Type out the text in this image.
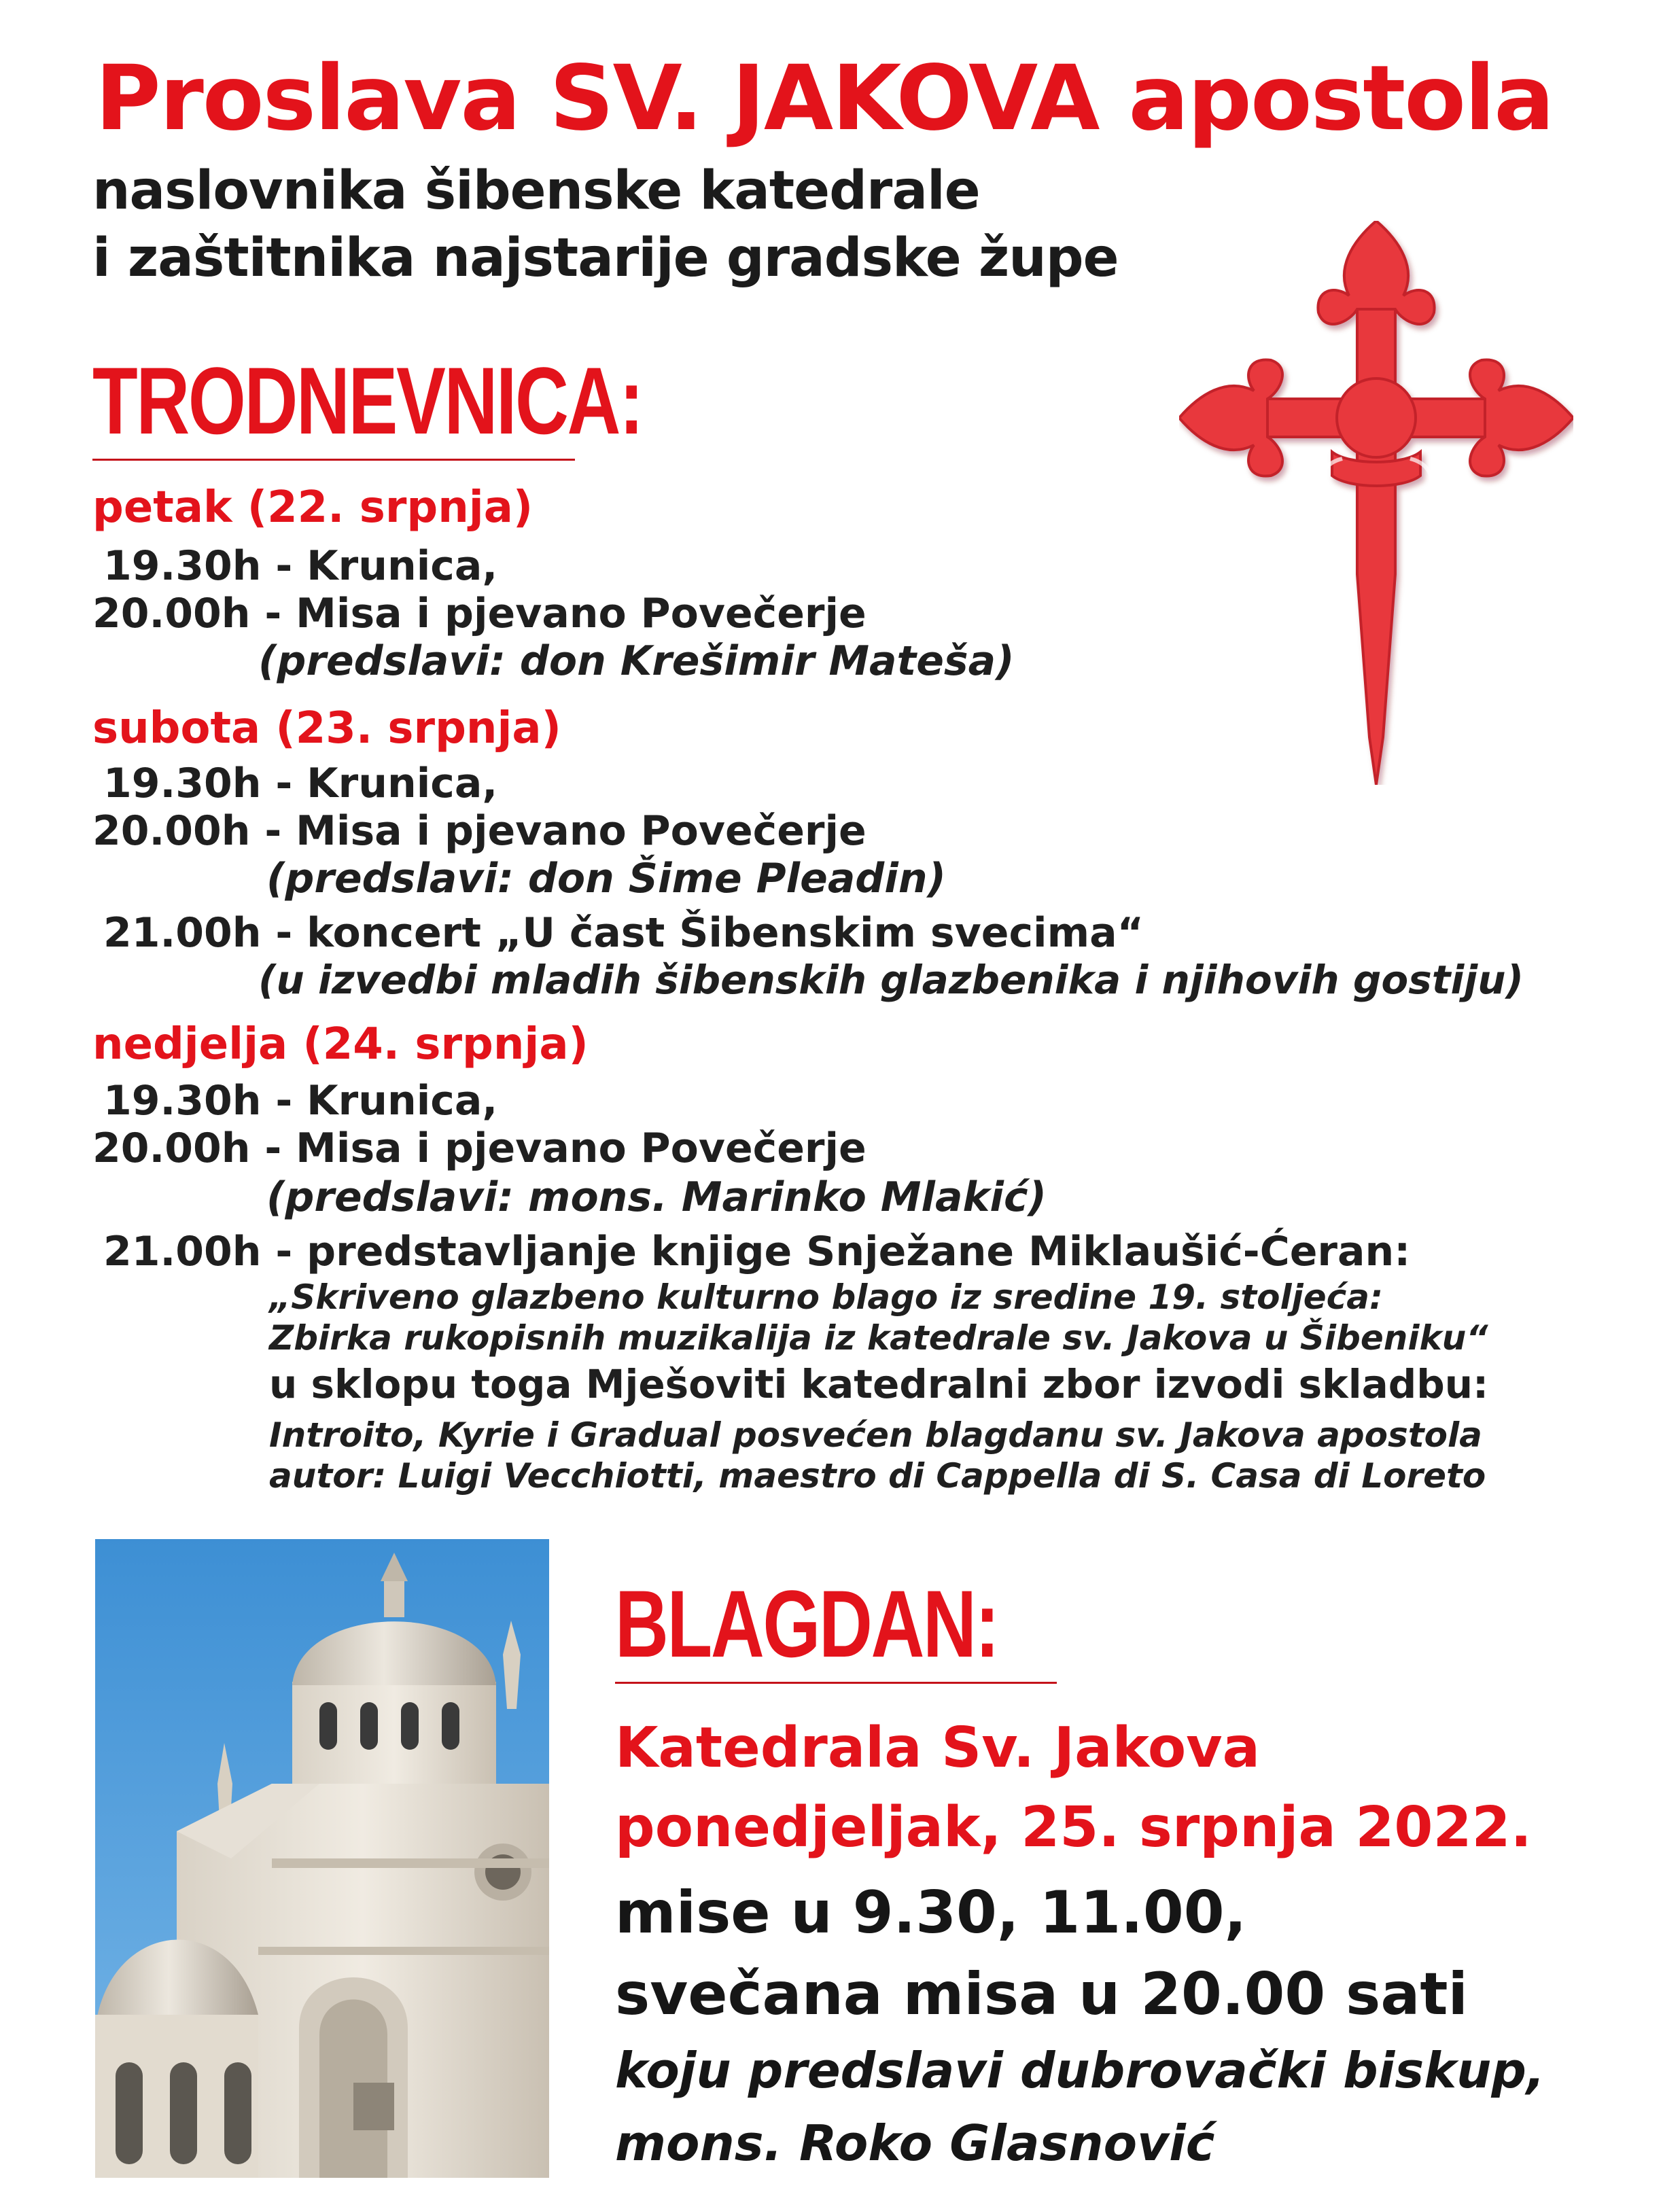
Proslava SV. JAKOVA apostola
naslovnika šibenske katedrale
i zaštitnika najstarije gradske župe
TRODNEVNICA:
petak (22. srpnja)
19.30h - Krunica,
20.00h - Misa i pjevano Povečerje
(predslavi: don Krešimir Mateša)
subota (23. srpnja)
19.30h - Krunica,
20.00h - Misa i pjevano Povečerje
(predslavi: don Šime Pleadin)
21.00h - koncert „U čast Šibenskim svecima“
(u izvedbi mladih šibenskih glazbenika i njihovih gostiju)
nedjelja (24. srpnja)
19.30h - Krunica,
20.00h - Misa i pjevano Povečerje
(predslavi: mons. Marinko Mlakić)
21.00h - predstavljanje knjige Snježane Miklaušić-Ćeran:
„Skriveno glazbeno kulturno blago iz sredine 19. stoljeća:
Zbirka rukopisnih muzikalija iz katedrale sv. Jakova u Šibeniku“
u sklopu toga Mješoviti katedralni zbor izvodi skladbu:
Introito, Kyrie i Gradual posvećen blagdanu sv. Jakova apostola
autor: Luigi Vecchiotti, maestro di Cappella di S. Casa di Loreto
BLAGDAN:
Katedrala Sv. Jakova
ponedjeljak, 25. srpnja 2022.
mise u 9.30, 11.00,
svečana misa u 20.00 sati
koju predslavi dubrovački biskup,
mons. Roko Glasnović
